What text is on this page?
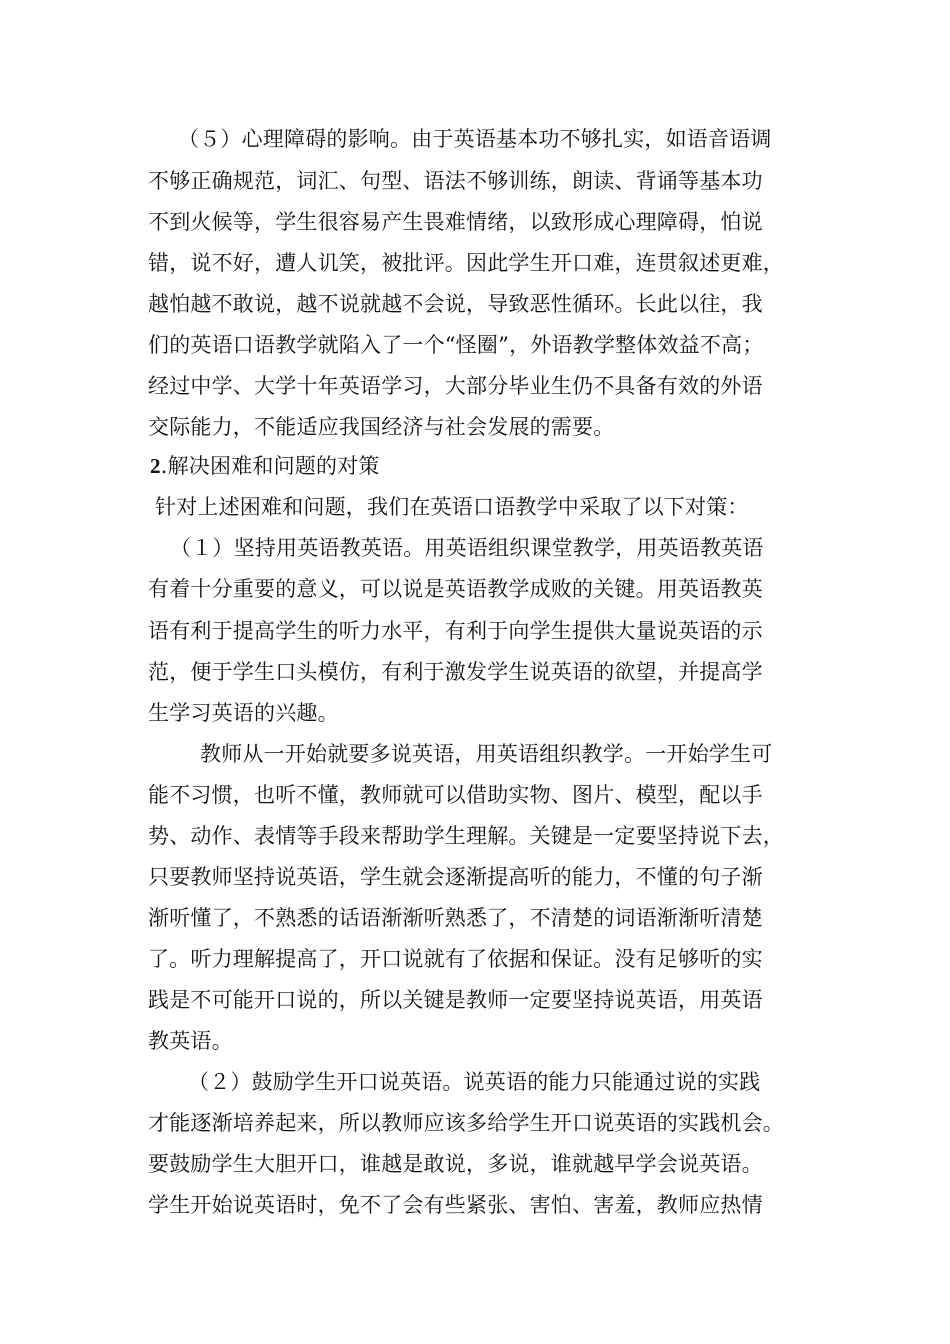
（５）心理障碍的影响。由于英语基本功不够扎实，如语音语调
不够正确规范，词汇、句型、语法不够训练，朗读、背诵等基本功
不到火候等，学生很容易产生畏难情绪，以致形成心理障碍，怕说
错，说不好，遭人讥笑，被批评。因此学生开口难，连贯叙述更难，
越怕越不敢说，越不说就越不会说，导致恶性循环。长此以往，我
们的英语口语教学就陷入了一个“怪圈”，外语教学整体效益不高；
经过中学、大学十年英语学习，大部分毕业生仍不具备有效的外语
交际能力，不能适应我国经济与社会发展的需要。
2.解决困难和问题的对策
针对上述困难和问题，我们在英语口语教学中采取了以下对策：
（１）坚持用英语教英语。用英语组织课堂教学，用英语教英语
有着十分重要的意义，可以说是英语教学成败的关键。用英语教英
语有利于提高学生的听力水平，有利于向学生提供大量说英语的示
范，便于学生口头模仿，有利于激发学生说英语的欲望，并提高学
生学习英语的兴趣。
教师从一开始就要多说英语，用英语组织教学。一开始学生可
能不习惯，也听不懂，教师就可以借助实物、图片、模型，配以手
势、动作、表情等手段来帮助学生理解。关键是一定要坚持说下去，
只要教师坚持说英语，学生就会逐渐提高听的能力，不懂的句子渐
渐听懂了，不熟悉的话语渐渐听熟悉了，不清楚的词语渐渐听清楚
了。听力理解提高了，开口说就有了依据和保证。没有足够听的实
践是不可能开口说的，所以关键是教师一定要坚持说英语，用英语
教英语。
（２）鼓励学生开口说英语。说英语的能力只能通过说的实践
才能逐渐培养起来，所以教师应该多给学生开口说英语的实践机会。
要鼓励学生大胆开口，谁越是敢说，多说，谁就越早学会说英语。
学生开始说英语时，免不了会有些紧张、害怕、害羞，教师应热情
